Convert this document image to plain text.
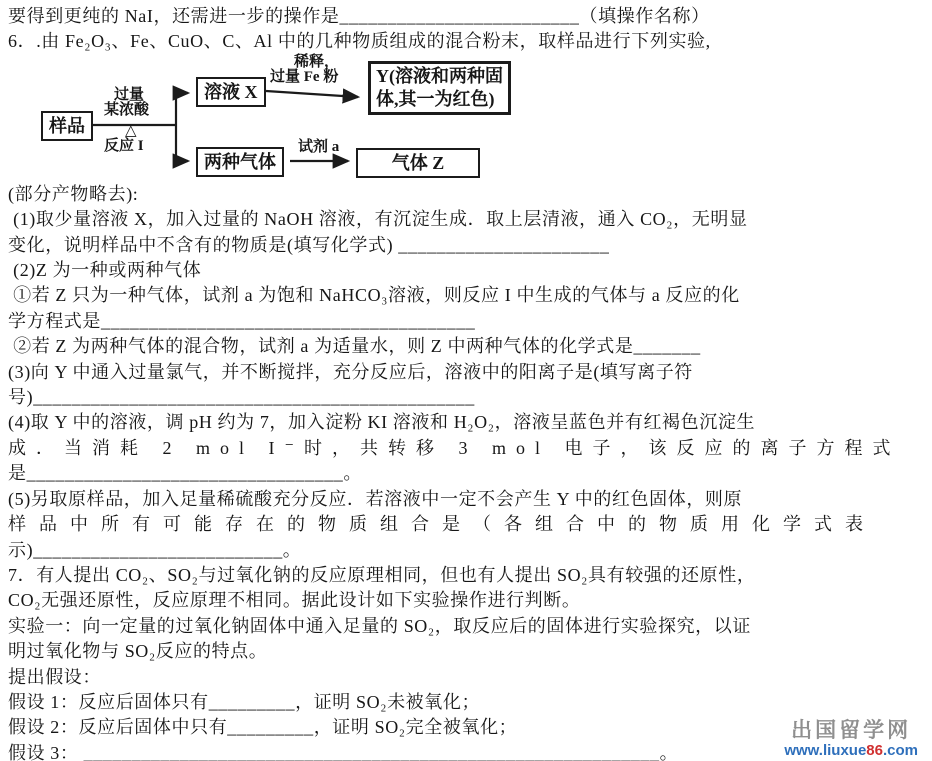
要得到更纯的 NaI，还需进一步的操作是_________________________（填操作名称）

6．.由 Fe₂O₃、Fe、CuO、C、Al 中的几种物质组成的混合粉末，取样品进行下列实验,

样品
过量
某浓酸
△
反应 I
溶液 X
稀释，
过量 Fe 粉 Y(溶液和两种固
体,其一为红色)
两种气体
试剂 a
气体 Z

(部分产物略去):

(1)取少量溶液 X，加入过量的 NaOH 溶液，有沉淀生成．取上层清液，通入 CO₂，无明显

变化，说明样品中不含有的物质是(填写化学式) ______________________

(2)Z 为一种或两种气体

①若 Z 只为一种气体，试剂 a 为饱和 NaHCO₃溶液，则反应 I 中生成的气体与 a 反应的化

学方程式是_______________________________________

②若 Z 为两种气体的混合物，试剂 a 为适量水，则 Z 中两种气体的化学式是_______

(3)向 Y 中通入过量氯气，并不断搅拌，充分反应后，溶液中的阳离子是(填写离子符

号)______________________________________________

(4)取 Y 中的溶液，调 pH 约为 7，加入淀粉 KI 溶液和 H₂O₂，溶液呈蓝色并有红褐色沉淀生

成．当消耗 2 mol I⁻时，共转移 3 mol 电子，该反应的离子方程式

是_________________________________。

(5)另取原样品，加入足量稀硫酸充分反应．若溶液中一定不会产生 Y 中的红色固体，则原

样品中所有可能存在的物质组合是（各组合中的物质用化学式表

示)__________________________。

7．有人提出 CO₂、SO₂与过氧化钠的反应原理相同，但也有人提出 SO₂具有较强的还原性，

CO₂无强还原性，反应原理不相同。据此设计如下实验操作进行判断。

实验一：向一定量的过氧化钠固体中通入足量的 SO₂，取反应后的固体进行实验探究，以证

明过氧化物与 SO₂反应的特点。

提出假设：

假设 1：反应后固体只有_________，证明 SO₂未被氧化；

假设 2：反应后固体中只有_________，证明 SO₂完全被氧化；

假设 3： ____________________________________________________________。

出国留学网
www.liuxue86.com
